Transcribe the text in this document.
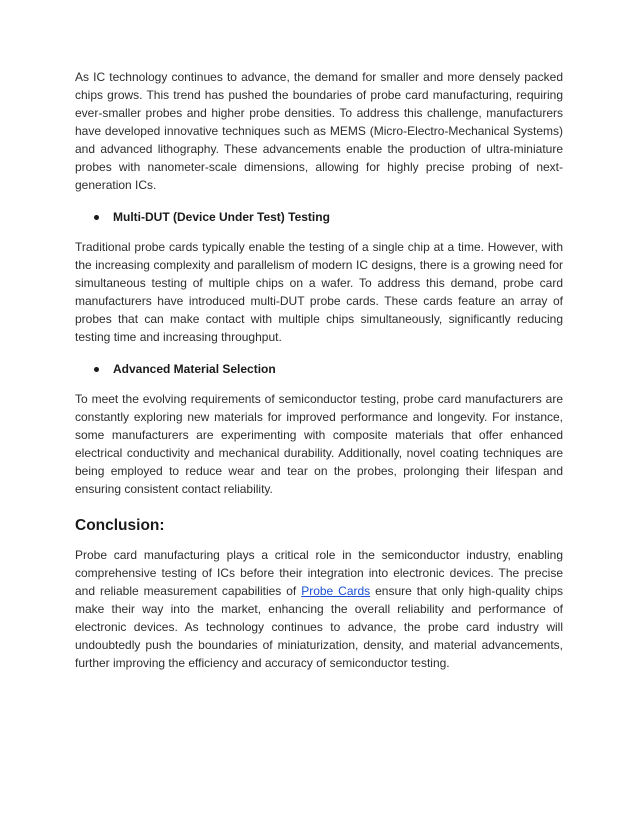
As IC technology continues to advance, the demand for smaller and more densely packed chips grows. This trend has pushed the boundaries of probe card manufacturing, requiring ever-smaller probes and higher probe densities. To address this challenge, manufacturers have developed innovative techniques such as MEMS (Micro-Electro-Mechanical Systems) and advanced lithography. These advancements enable the production of ultra-miniature probes with nanometer-scale dimensions, allowing for highly precise probing of next-generation ICs.

Multi-DUT (Device Under Test) Testing

Traditional probe cards typically enable the testing of a single chip at a time. However, with the increasing complexity and parallelism of modern IC designs, there is a growing need for simultaneous testing of multiple chips on a wafer. To address this demand, probe card manufacturers have introduced multi-DUT probe cards. These cards feature an array of probes that can make contact with multiple chips simultaneously, significantly reducing testing time and increasing throughput.

Advanced Material Selection

To meet the evolving requirements of semiconductor testing, probe card manufacturers are constantly exploring new materials for improved performance and longevity. For instance, some manufacturers are experimenting with composite materials that offer enhanced electrical conductivity and mechanical durability. Additionally, novel coating techniques are being employed to reduce wear and tear on the probes, prolonging their lifespan and ensuring consistent contact reliability.

Conclusion:

Probe card manufacturing plays a critical role in the semiconductor industry, enabling comprehensive testing of ICs before their integration into electronic devices. The precise and reliable measurement capabilities of Probe Cards ensure that only high-quality chips make their way into the market, enhancing the overall reliability and performance of electronic devices. As technology continues to advance, the probe card industry will undoubtedly push the boundaries of miniaturization, density, and material advancements, further improving the efficiency and accuracy of semiconductor testing.
